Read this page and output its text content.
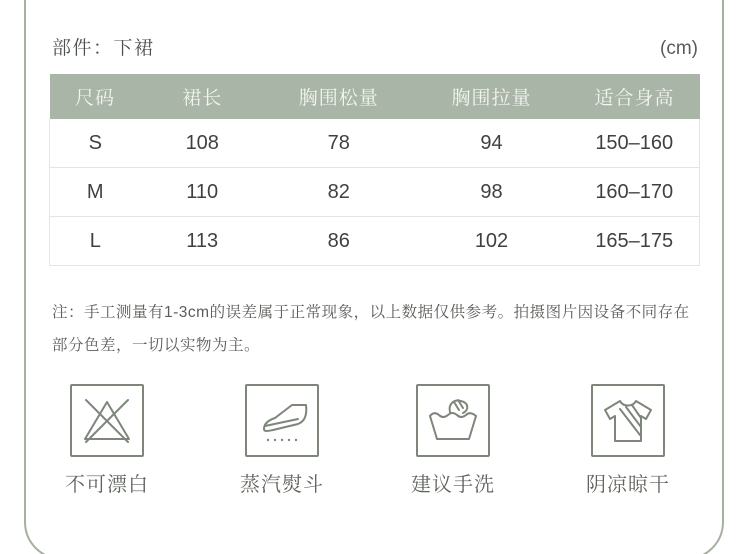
部件：下裙	(cm)
尺码	裙长	胸围松量	胸围拉量	适合身高
S	108	78	94	150–160
M	110	82	98	160–170
L	113	86	102	165–175
注：手工测量有1-3cm的误差属于正常现象，以上数据仅供参考。拍摄图片因设备不同存在部分色差，一切以实物为主。
不可漂白	蒸汽熨斗	建议手洗	阴凉晾干
